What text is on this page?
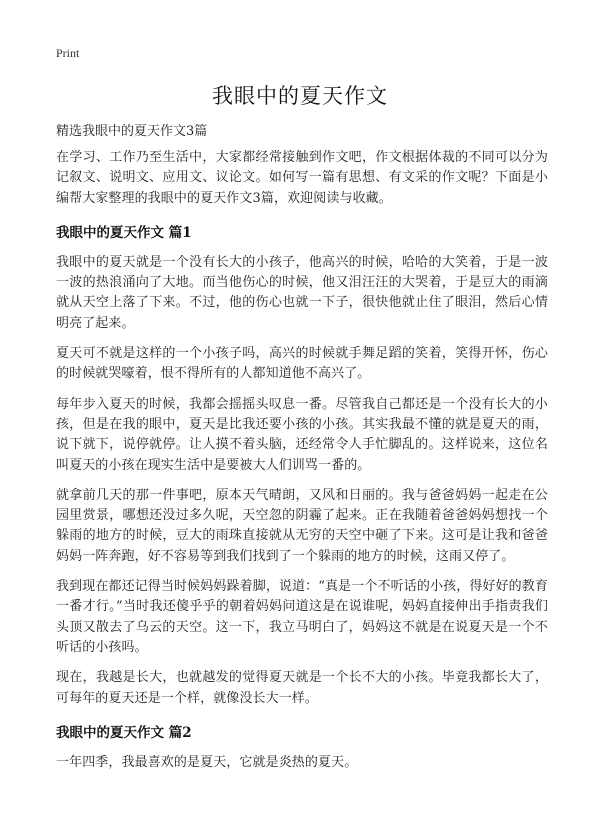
Print
我眼中的夏天作文
精选我眼中的夏天作文3篇

在学习、工作乃至生活中，大家都经常接触到作文吧，作文根据体裁的不同可以分为记叙文、说明文、应用文、议论文。如何写一篇有思想、有文采的作文呢？下面是小编帮大家整理的我眼中的夏天作文3篇，欢迎阅读与收藏。

我眼中的夏天作文 篇1

我眼中的夏天就是一个没有长大的小孩子，他高兴的时候，哈哈的大笑着，于是一波一波的热浪涌向了大地。而当他伤心的时候，他又泪汪汪的大哭着，于是豆大的雨滴就从天空上落了下来。不过，他的伤心也就一下子，很快他就止住了眼泪，然后心情明亮了起来。

夏天可不就是这样的一个小孩子吗，高兴的时候就手舞足蹈的笑着，笑得开怀，伤心的时候就哭嚎着，恨不得所有的人都知道他不高兴了。

每年步入夏天的时候，我都会摇摇头叹息一番。尽管我自己都还是一个没有长大的小孩，但是在我的眼中，夏天是比我还要小孩的小孩。其实我最不懂的就是夏天的雨，说下就下，说停就停。让人摸不着头脑，还经常令人手忙脚乱的。这样说来，这位名叫夏天的小孩在现实生活中是要被大人们训骂一番的。

就拿前几天的那一件事吧，原本天气晴朗，又风和日丽的。我与爸爸妈妈一起走在公园里赏景，哪想还没过多久呢，天空忽的阴霾了起来。正在我随着爸爸妈妈想找一个躲雨的地方的时候，豆大的雨珠直接就从无穷的天空中砸了下来。这可是让我和爸爸妈妈一阵奔跑，好不容易等到我们找到了一个躲雨的地方的时候，这雨又停了。

我到现在都还记得当时候妈妈跺着脚，说道：“真是一个不听话的小孩，得好好的教育一番才行。”当时我还傻乎乎的朝着妈妈问道这是在说谁呢，妈妈直接伸出手指责我们头顶又散去了乌云的天空。这一下，我立马明白了，妈妈这不就是在说夏天是一个不听话的小孩吗。

现在，我越是长大，也就越发的觉得夏天就是一个长不大的小孩。毕竟我都长大了，可每年的夏天还是一个样，就像没长大一样。

我眼中的夏天作文 篇2

一年四季，我最喜欢的是夏天，它就是炎热的夏天。
